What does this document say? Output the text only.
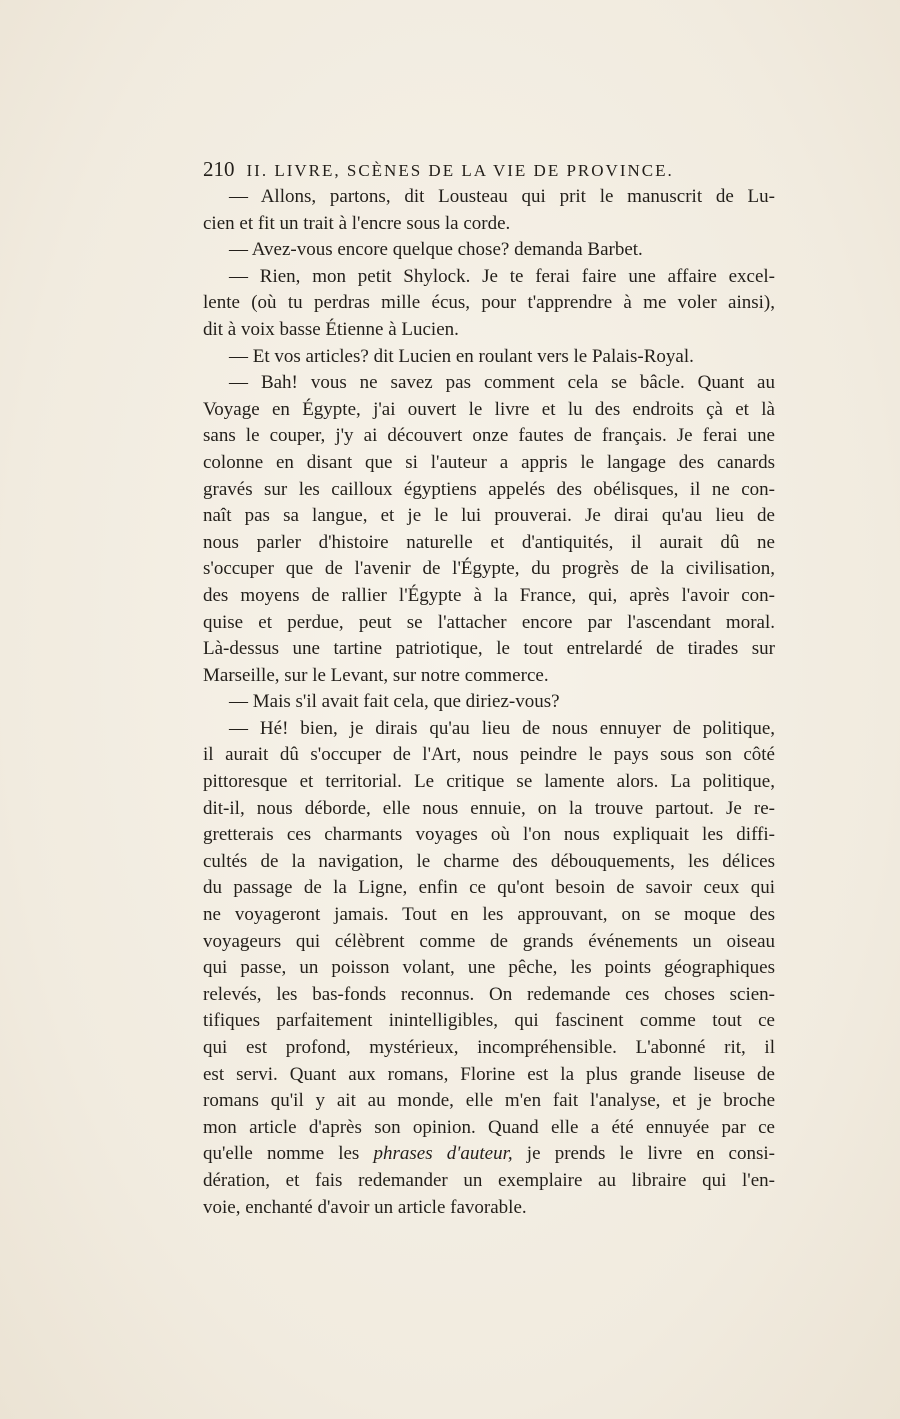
210 II. LIVRE, SCÈNES DE LA VIE DE PROVINCE.
— Allons, partons, dit Lousteau qui prit le manuscrit de Lu-
cien et fit un trait à l'encre sous la corde.
— Avez-vous encore quelque chose? demanda Barbet.
— Rien, mon petit Shylock. Je te ferai faire une affaire excel-
lente (où tu perdras mille écus, pour t'apprendre à me voler ainsi),
dit à voix basse Étienne à Lucien.
— Et vos articles? dit Lucien en roulant vers le Palais-Royal.
— Bah! vous ne savez pas comment cela se bâcle. Quant au
Voyage en Égypte, j'ai ouvert le livre et lu des endroits çà et là
sans le couper, j'y ai découvert onze fautes de français. Je ferai une
colonne en disant que si l'auteur a appris le langage des canards
gravés sur les cailloux égyptiens appelés des obélisques, il ne con-
naît pas sa langue, et je le lui prouverai. Je dirai qu'au lieu de
nous parler d'histoire naturelle et d'antiquités, il aurait dû ne
s'occuper que de l'avenir de l'Égypte, du progrès de la civilisation,
des moyens de rallier l'Égypte à la France, qui, après l'avoir con-
quise et perdue, peut se l'attacher encore par l'ascendant moral.
Là-dessus une tartine patriotique, le tout entrelardé de tirades sur
Marseille, sur le Levant, sur notre commerce.
— Mais s'il avait fait cela, que diriez-vous?
— Hé! bien, je dirais qu'au lieu de nous ennuyer de politique,
il aurait dû s'occuper de l'Art, nous peindre le pays sous son côté
pittoresque et territorial. Le critique se lamente alors. La politique,
dit-il, nous déborde, elle nous ennuie, on la trouve partout. Je re-
gretterais ces charmants voyages où l'on nous expliquait les diffi-
cultés de la navigation, le charme des débouquements, les délices
du passage de la Ligne, enfin ce qu'ont besoin de savoir ceux qui
ne voyageront jamais. Tout en les approuvant, on se moque des
voyageurs qui célèbrent comme de grands événements un oiseau
qui passe, un poisson volant, une pêche, les points géographiques
relevés, les bas-fonds reconnus. On redemande ces choses scien-
tifiques parfaitement inintelligibles, qui fascinent comme tout ce
qui est profond, mystérieux, incompréhensible. L'abonné rit, il
est servi. Quant aux romans, Florine est la plus grande liseuse de
romans qu'il y ait au monde, elle m'en fait l'analyse, et je broche
mon article d'après son opinion. Quand elle a été ennuyée par ce
qu'elle nomme les phrases d'auteur, je prends le livre en consi-
dération, et fais redemander un exemplaire au libraire qui l'en-
voie, enchanté d'avoir un article favorable.
